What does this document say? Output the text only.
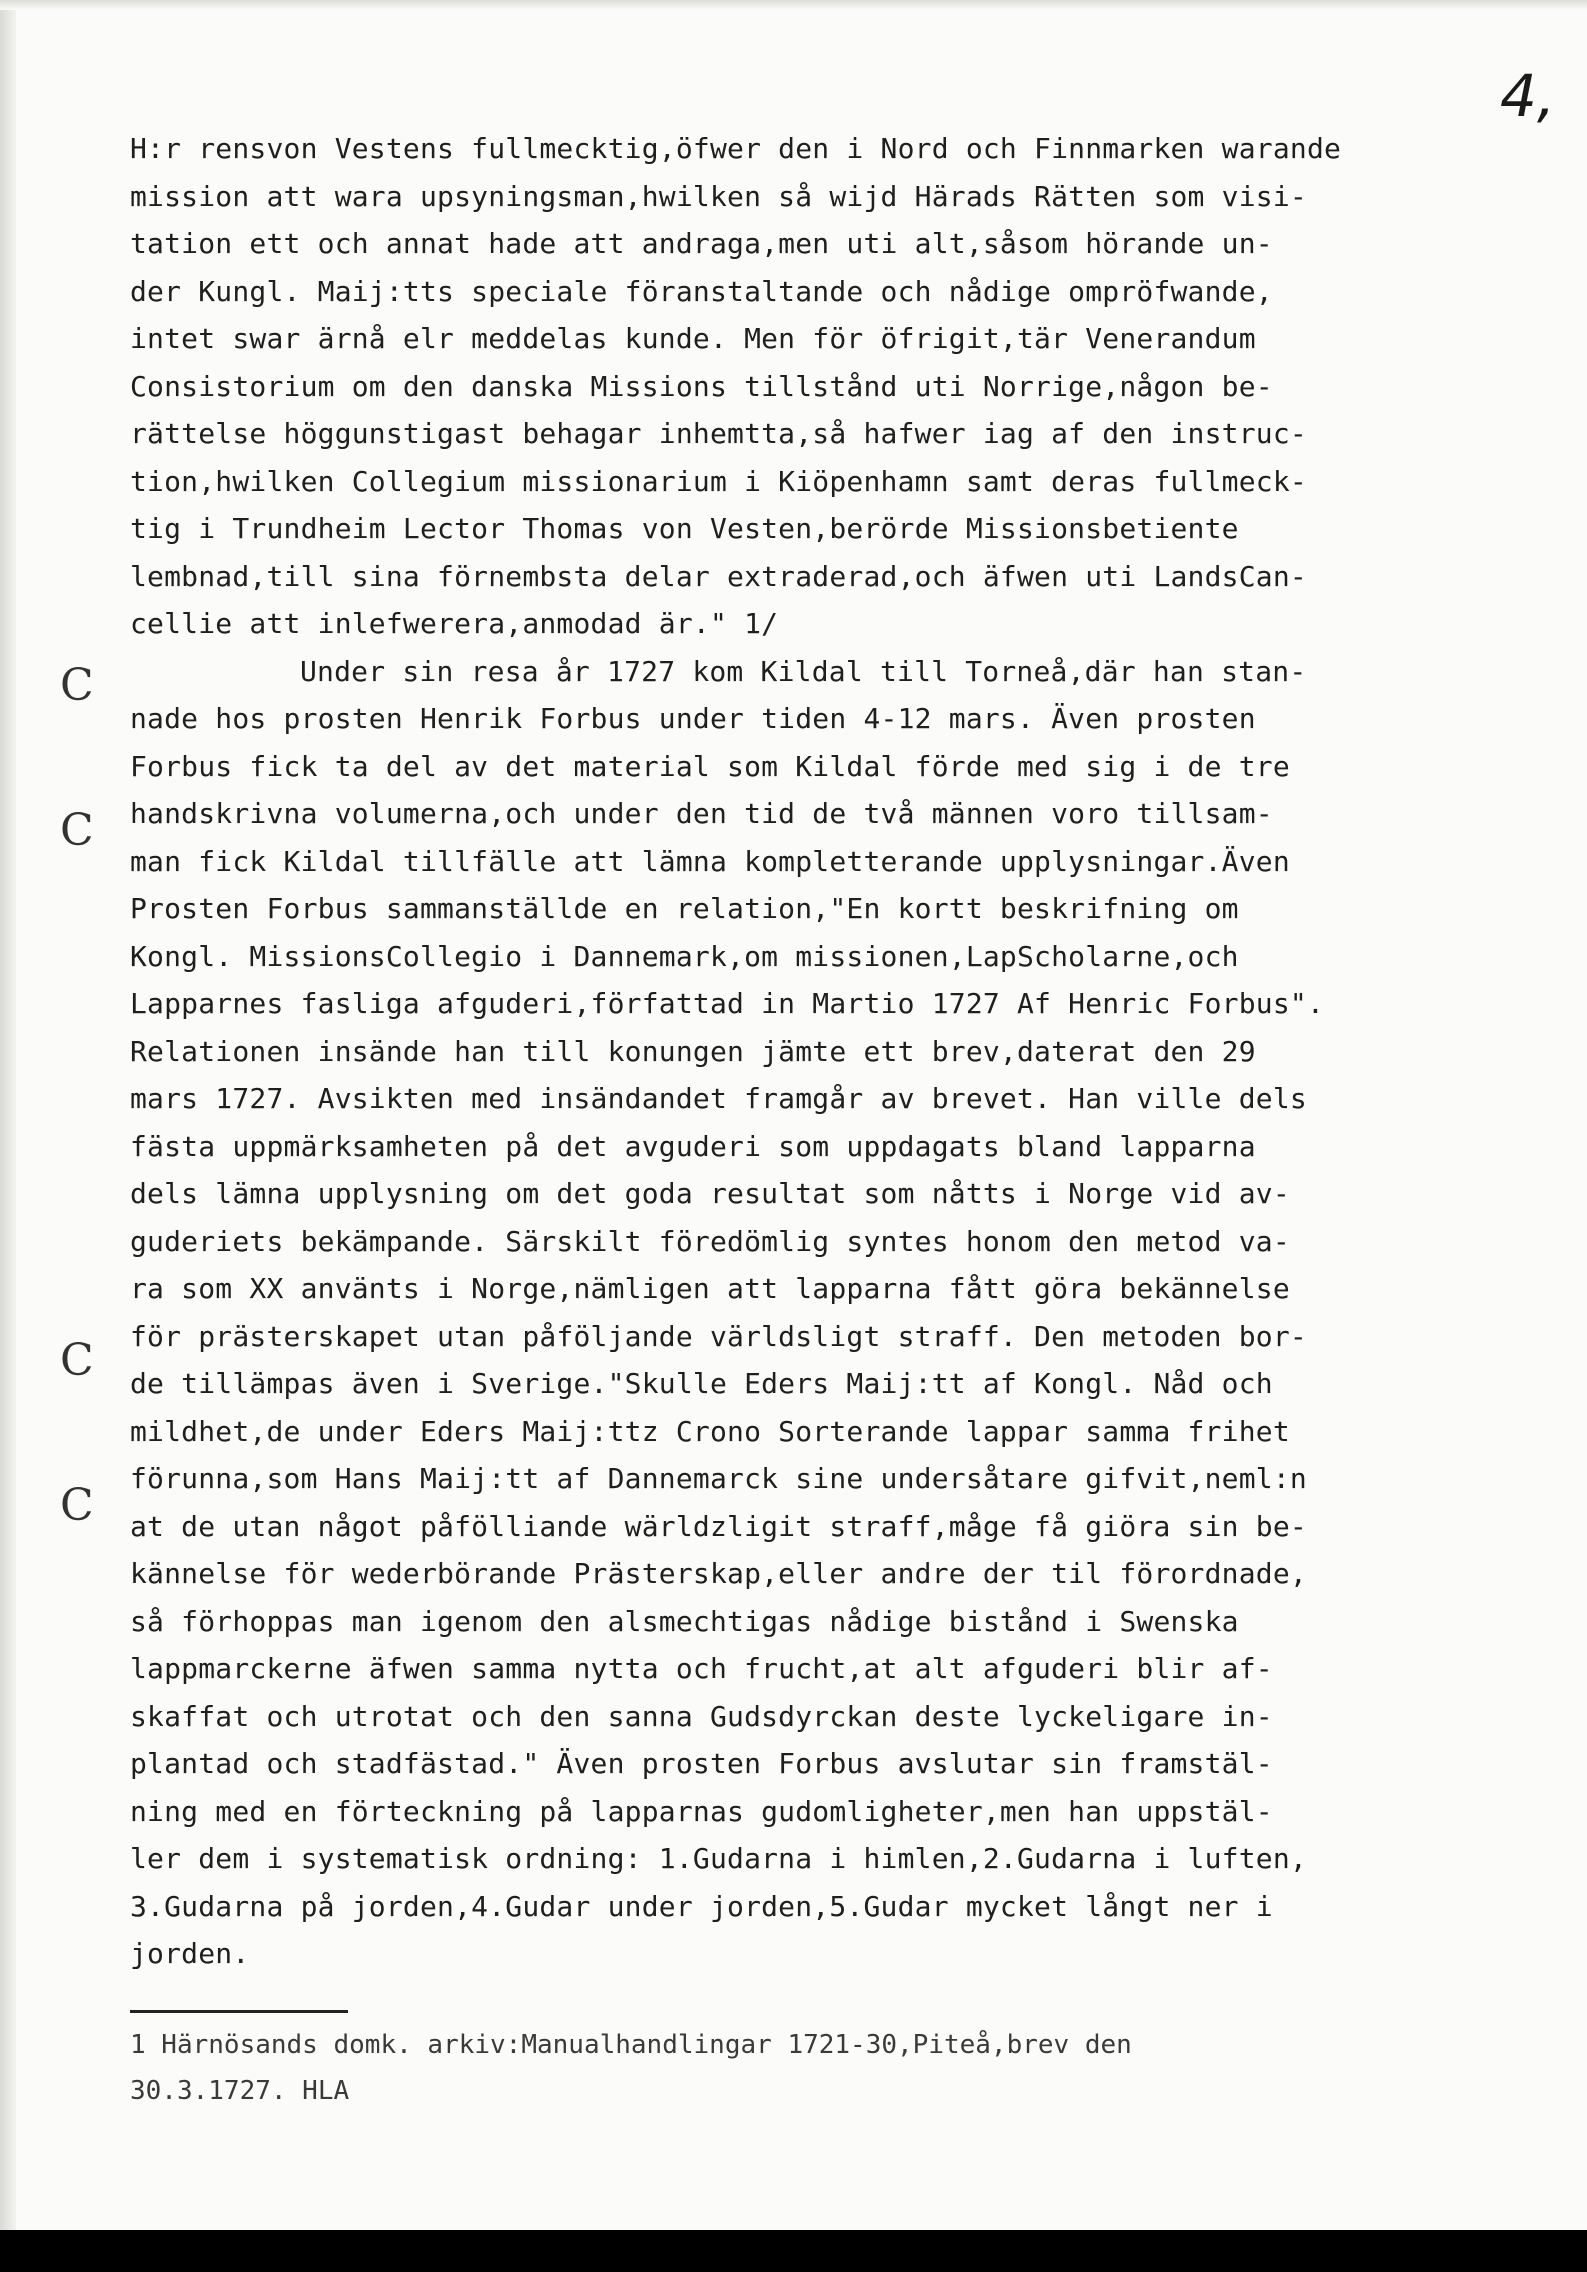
4,
C
C
C
C
H:r rensvon Vestens fullmecktig,öfwer den i Nord och Finnmarken warande
mission att wara upsyningsman,hwilken så wijd Härads Rätten som visi-
tation ett och annat hade att andraga,men uti alt,såsom hörande un-
der Kungl. Maij:tts speciale föranstaltande och nådige ompröfwande,
intet swar ärnå elr meddelas kunde. Men för öfrigit,tär Venerandum
Consistorium om den danska Missions tillstånd uti Norrige,någon be-
rättelse höggunstigast behagar inhemtta,så hafwer iag af den instruc-
tion,hwilken Collegium missionarium i Kiöpenhamn samt deras fullmeck-
tig i Trundheim Lector Thomas von Vesten,berörde Missionsbetiente
lembnad,till sina förnembsta delar extraderad,och äfwen uti LandsCan-
cellie att inlefwerera,anmodad är." 1/
Under sin resa år 1727 kom Kildal till Torneå,där han stan-
nade hos prosten Henrik Forbus under tiden 4-12 mars. Även prosten
Forbus fick ta del av det material som Kildal förde med sig i de tre
handskrivna volumerna,och under den tid de två männen voro tillsam-
man fick Kildal tillfälle att lämna kompletterande upplysningar.Även
Prosten Forbus sammanställde en relation,"En kortt beskrifning om
Kongl. MissionsCollegio i Dannemark,om missionen,LapScholarne,och
Lapparnes fasliga afguderi,författad in Martio 1727 Af Henric Forbus".
Relationen insände han till konungen jämte ett brev,daterat den 29
mars 1727. Avsikten med insändandet framgår av brevet. Han ville dels
fästa uppmärksamheten på det avguderi som uppdagats bland lapparna
dels lämna upplysning om det goda resultat som nåtts i Norge vid av-
guderiets bekämpande. Särskilt föredömlig syntes honom den metod va-
ra som XX använts i Norge,nämligen att lapparna fått göra bekännelse
för prästerskapet utan påföljande världsligt straff. Den metoden bor-
de tillämpas även i Sverige."Skulle Eders Maij:tt af Kongl. Nåd och
mildhet,de under Eders Maij:ttz Crono Sorterande lappar samma frihet
förunna,som Hans Maij:tt af Dannemarck sine undersåtare gifvit,neml:n
at de utan något påfölliande wärldzligit straff,måge få giöra sin be-
kännelse för wederbörande Prästerskap,eller andre der til förordnade,
så förhoppas man igenom den alsmechtigas nådige bistånd i Swenska
lappmarckerne äfwen samma nytta och frucht,at alt afguderi blir af-
skaffat och utrotat och den sanna Gudsdyrckan deste lyckeligare in-
plantad och stadfästad." Även prosten Forbus avslutar sin framstäl-
ning med en förteckning på lapparnas gudomligheter,men han uppstäl-
ler dem i systematisk ordning: 1.Gudarna i himlen,2.Gudarna i luften,
3.Gudarna på jorden,4.Gudar under jorden,5.Gudar mycket långt ner i
jorden.
1 Härnösands domk. arkiv:Manualhandlingar 1721-30,Piteå,brev den
30.3.1727. HLA
